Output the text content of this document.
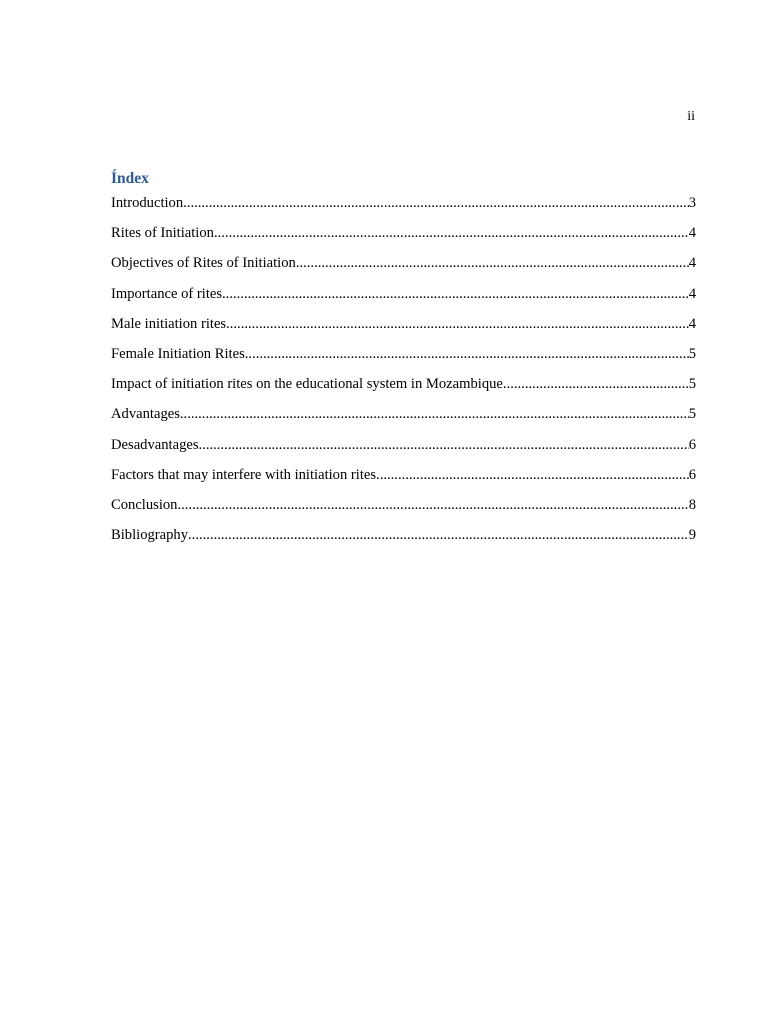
ii
Índex
Introduction .....	3
Rites of Initiation .....	4
Objectives of Rites of Initiation .....	4
Importance of rites .....	4
Male initiation rites .....	4
Female Initiation Rites .....	5
Impact of initiation rites on the educational system in Mozambique .....	5
Advantages .....	5
Desadvantages .....	6
Factors that may interfere with initiation rites .....	6
Conclusion .....	8
Bibliography .....	9
